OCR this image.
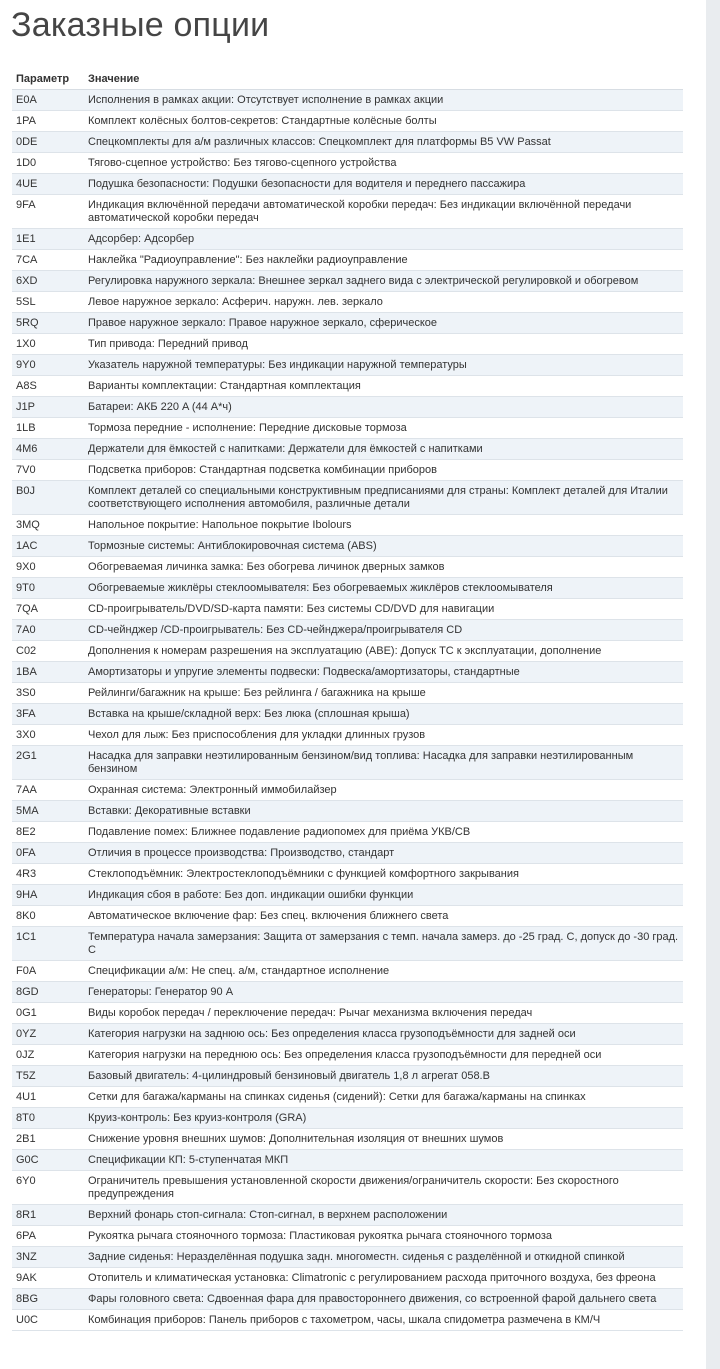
Заказные опции
Параметр	Значение
E0A	Исполнения в рамках акции: Отсутствует исполнение в рамках акции
1PA	Комплект колёсных болтов-секретов: Стандартные колёсные болты
0DE	Спецкомплекты для а/м различных классов: Спецкомплект для платформы B5 VW Passat
1D0	Тягово-сцепное устройство: Без тягово-сцепного устройства
4UE	Подушка безопасности: Подушки безопасности для водителя и переднего пассажира
9FA	Индикация включённой передачи автоматической коробки передач: Без индикации включённой передачи автоматической коробки передач
1E1	Адсорбер: Адсорбер
7CA	Наклейка "Радиоуправление": Без наклейки радиоуправление
6XD	Регулировка наружного зеркала: Внешнее зеркал заднего вида с электрической регулировкой и обогревом
5SL	Левое наружное зеркало: Асферич. наружн. лев. зеркало
5RQ	Правое наружное зеркало: Правое наружное зеркало, сферическое
1X0	Тип привода: Передний привод
9Y0	Указатель наружной температуры: Без индикации наружной температуры
A8S	Варианты комплектации: Стандартная комплектация
J1P	Батареи: АКБ 220 A (44 А*ч)
1LB	Тормоза передние - исполнение: Передние дисковые тормоза
4M6	Держатели для ёмкостей с напитками: Держатели для ёмкостей с напитками
7V0	Подсветка приборов: Стандартная подсветка комбинации приборов
B0J	Комплект деталей со специальными конструктивным предписаниями для страны: Комплект деталей для Италии соответствующего исполнения автомобиля, различные детали
3MQ	Напольное покрытие: Напольное покрытие Ibolours
1AC	Тормозные системы: Антиблокировочная система (ABS)
9X0	Обогреваемая личинка замка: Без обогрева личинок дверных замков
9T0	Обогреваемые жиклёры стеклоомывателя: Без обогреваемых жиклёров стеклоомывателя
7QA	CD-проигрыватель/DVD/SD-карта памяти: Без системы CD/DVD для навигации
7A0	CD-чейнджер /CD-проигрыватель: Без CD-чейнджера/проигрывателя CD
C02	Дополнения к номерам разрешения на эксплуатацию (ABE): Допуск ТС к эксплуатации, дополнение
1BA	Амортизаторы и упругие элементы подвески: Подвеска/амортизаторы, стандартные
3S0	Рейлинги/багажник на крыше: Без рейлинга / багажника на крыше
3FA	Вставка на крыше/складной верх: Без люка (сплошная крыша)
3X0	Чехол для лыж: Без приспособления для укладки длинных грузов
2G1	Насадка для заправки неэтилированным бензином/вид топлива: Насадка для заправки неэтилированным бензином
7AA	Охранная система: Электронный иммобилайзер
5MA	Вставки: Декоративные вставки
8E2	Подавление помех: Ближнее подавление радиопомех для приёма УКВ/СВ
0FA	Отличия в процессе производства: Производство, стандарт
4R3	Стеклоподъёмник: Электростеклоподъёмники с функцией комфортного закрывания
9HA	Индикация сбоя в работе: Без доп. индикации ошибки функции
8K0	Автоматическое включение фар: Без спец. включения ближнего света
1C1	Температура начала замерзания: Защита от замерзания с темп. начала замерз. до -25 град. С, допуск до -30 град. С
F0A	Спецификации а/м: Не спец. а/м, стандартное исполнение
8GD	Генераторы: Генератор 90 A
0G1	Виды коробок передач / переключение передач: Рычаг механизма включения передач
0YZ	Категория нагрузки на заднюю ось: Без определения класса грузоподъёмности для задней оси
0JZ	Категория нагрузки на переднюю ось: Без определения класса грузоподъёмности для передней оси
T5Z	Базовый двигатель: 4-цилиндровый бензиновый двигатель 1,8 л агрегат 058.B
4U1	Сетки для багажа/карманы на спинках сиденья (сидений): Сетки для багажа/карманы на спинках
8T0	Круиз-контроль: Без круиз-контроля (GRA)
2B1	Снижение уровня внешних шумов: Дополнительная изоляция от внешних шумов
G0C	Спецификации КП: 5-ступенчатая МКП
6Y0	Ограничитель превышения установленной скорости движения/ограничитель скорости: Без скоростного предупреждения
8R1	Верхний фонарь стоп-сигнала: Стоп-сигнал, в верхнем расположении
6PA	Рукоятка рычага стояночного тормоза: Пластиковая рукоятка рычага стояночного тормоза
3NZ	Задние сиденья: Неразделённая подушка задн. многоместн. сиденья с разделённой и откидной спинкой
9AK	Отопитель и климатическая установка: Climatronic с регулированием расхода приточного воздуха, без фреона
8BG	Фары головного света: Сдвоенная фара для правостороннего движения, со встроенной фарой дальнего света
U0C	Комбинация приборов: Панель приборов с тахометром, часы, шкала спидометра размечена в КМ/Ч
